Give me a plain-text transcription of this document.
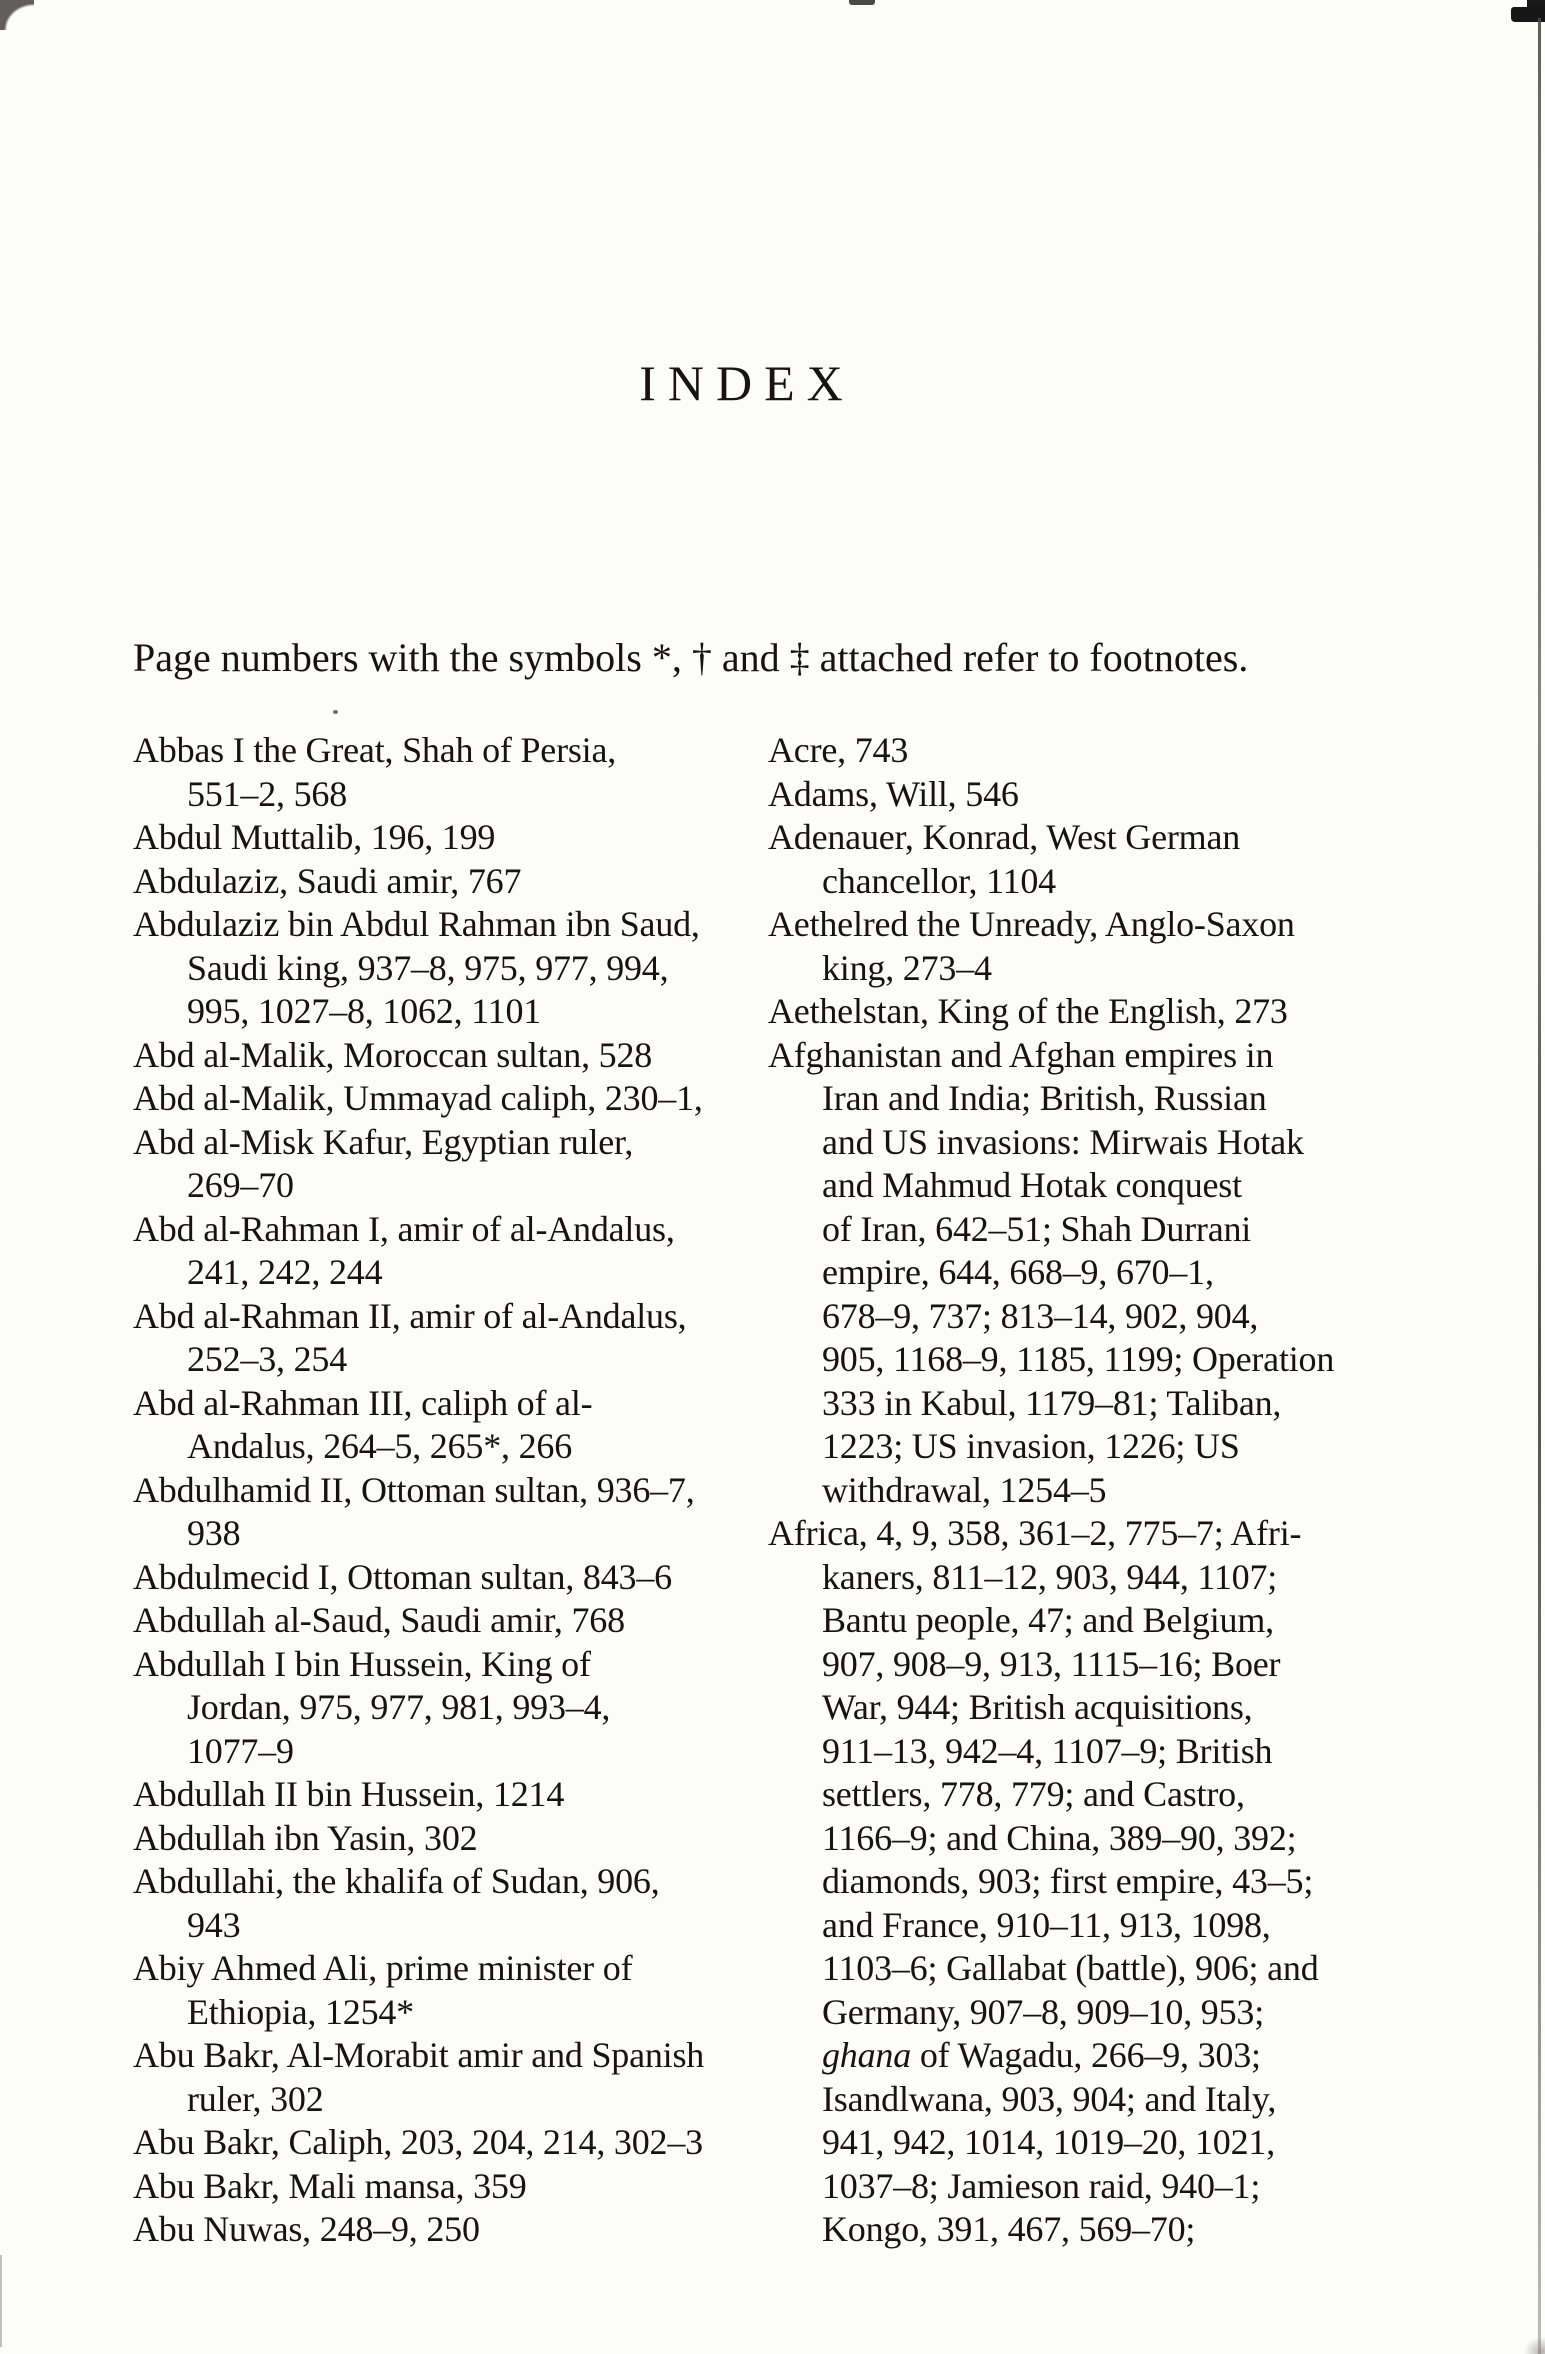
INDEX

Page numbers with the symbols *, † and ‡ attached refer to footnotes.

Abbas I the Great, Shah of Persia,

551–2, 568

Abdul Muttalib, 196, 199

Abdulaziz, Saudi amir, 767

Abdulaziz bin Abdul Rahman ibn Saud,

Saudi king, 937–8, 975, 977, 994,

995, 1027–8, 1062, 1101

Abd al-Malik, Moroccan sultan, 528

Abd al-Malik, Ummayad caliph, 230–1,

Abd al-Misk Kafur, Egyptian ruler,

269–70

Abd al-Rahman I, amir of al-Andalus,

241, 242, 244

Abd al-Rahman II, amir of al-Andalus,

252–3, 254

Abd al-Rahman III, caliph of al-

Andalus, 264–5, 265*, 266

Abdulhamid II, Ottoman sultan, 936–7,

938

Abdulmecid I, Ottoman sultan, 843–6

Abdullah al-Saud, Saudi amir, 768

Abdullah I bin Hussein, King of

Jordan, 975, 977, 981, 993–4,

1077–9

Abdullah II bin Hussein, 1214

Abdullah ibn Yasin, 302

Abdullahi, the khalifa of Sudan, 906,

943

Abiy Ahmed Ali, prime minister of

Ethiopia, 1254*

Abu Bakr, Al-Morabit amir and Spanish

ruler, 302

Abu Bakr, Caliph, 203, 204, 214, 302–3

Abu Bakr, Mali mansa, 359

Abu Nuwas, 248–9, 250

Acre, 743

Adams, Will, 546

Adenauer, Konrad, West German

chancellor, 1104

Aethelred the Unready, Anglo-Saxon

king, 273–4

Aethelstan, King of the English, 273

Afghanistan and Afghan empires in

Iran and India; British, Russian

and US invasions: Mirwais Hotak

and Mahmud Hotak conquest

of Iran, 642–51; Shah Durrani

empire, 644, 668–9, 670–1,

678–9, 737; 813–14, 902, 904,

905, 1168–9, 1185, 1199; Operation

333 in Kabul, 1179–81; Taliban,

1223; US invasion, 1226; US

withdrawal, 1254–5

Africa, 4, 9, 358, 361–2, 775–7; Afri-

kaners, 811–12, 903, 944, 1107;

Bantu people, 47; and Belgium,

907, 908–9, 913, 1115–16; Boer

War, 944; British acquisitions,

911–13, 942–4, 1107–9; British

settlers, 778, 779; and Castro,

1166–9; and China, 389–90, 392;

diamonds, 903; first empire, 43–5;

and France, 910–11, 913, 1098,

1103–6; Gallabat (battle), 906; and

Germany, 907–8, 909–10, 953;

ghana of Wagadu, 266–9, 303;

Isandlwana, 903, 904; and Italy,

941, 942, 1014, 1019–20, 1021,

1037–8; Jamieson raid, 940–1;

Kongo, 391, 467, 569–70;
